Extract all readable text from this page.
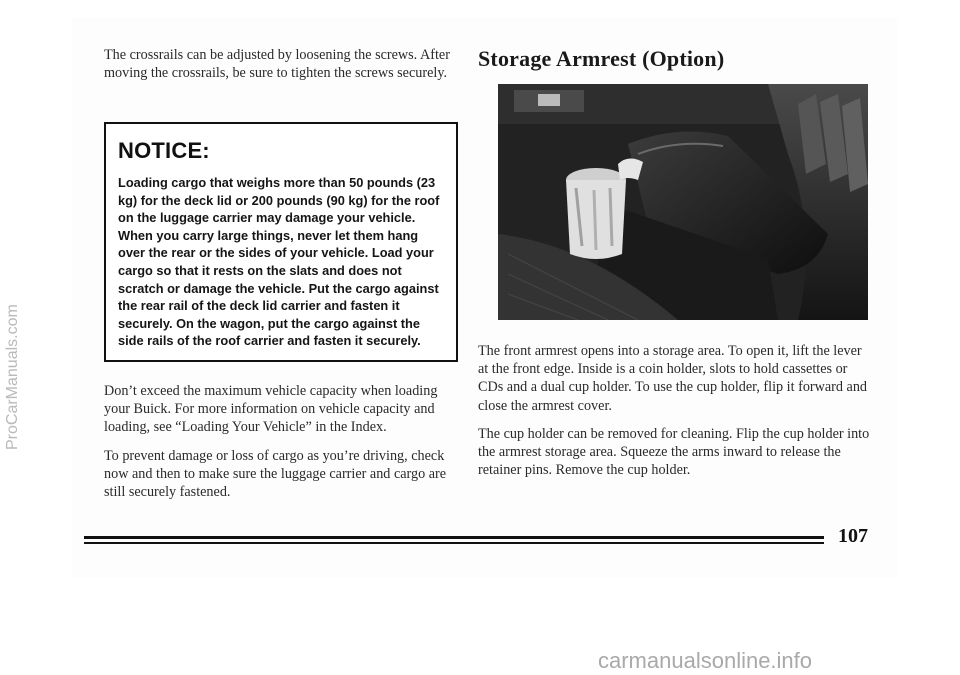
The crossrails can be adjusted by loosening the screws. After moving the crossrails, be sure to tighten the screws securely.

NOTICE:

Loading cargo that weighs more than 50 pounds (23 kg) for the deck lid or 200 pounds (90 kg) for the roof on the luggage carrier may damage your vehicle. When you carry large things, never let them hang over the rear or the sides of your vehicle. Load your cargo so that it rests on the slats and does not scratch or damage the vehicle. Put the cargo against the rear rail of the deck lid carrier and fasten it securely. On the wagon, put the cargo against the side rails of the roof carrier and fasten it securely.

Don’t exceed the maximum vehicle capacity when loading your Buick. For more information on vehicle capacity and loading, see “Loading Your Vehicle” in the Index.

To prevent damage or loss of cargo as you’re driving, check now and then to make sure the luggage carrier and cargo are still securely fastened.

Storage Armrest (Option)

The front armrest opens into a storage area. To open it, lift the lever at the front edge. Inside is a coin holder, slots to hold cassettes or CDs and a dual cup holder. To use the cup holder, flip it forward and close the armrest cover.

The cup holder can be removed for cleaning. Flip the cup holder into the armrest storage area. Squeeze the arms inward to release the retainer pins. Remove the cup holder.

107
ProCarManuals.com
carmanualsonline.info
